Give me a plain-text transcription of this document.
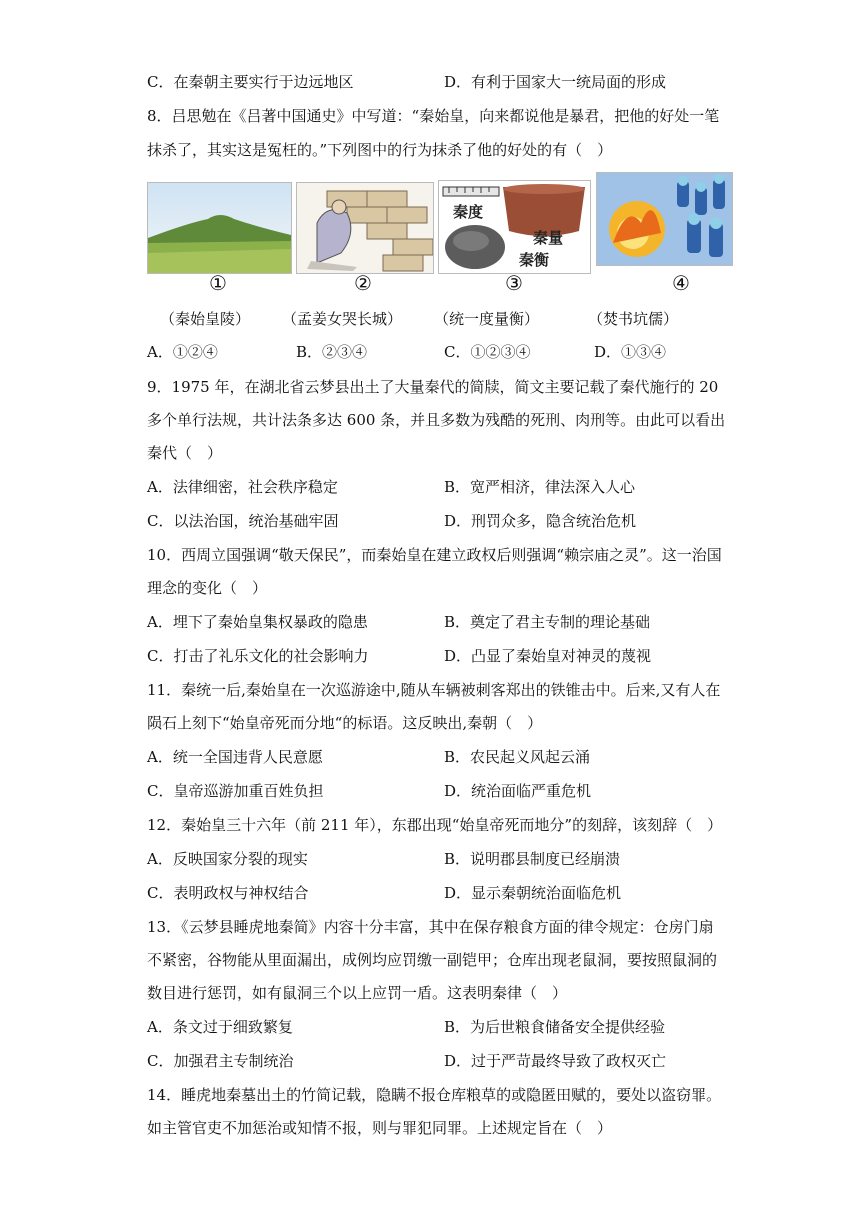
C．在秦朝主要实行于边远地区	D．有利于国家大一统局面的形成
8．吕思勉在《吕著中国通史》中写道：“秦始皇，向来都说他是暴君，把他的好处一笔
抹杀了，其实这是冤枉的。”下列图中的行为抹杀了他的好处的有（　）
秦度
秦量
秦衡
①	②	③	④
（秦始皇陵） （孟姜女哭长城） （统一度量衡）	（焚书坑儒）
A．①②④	B．②③④	C．①②③④	D．①③④
9．1975 年，在湖北省云梦县出土了大量秦代的简牍，简文主要记载了秦代施行的 20
多个单行法规，共计法条多达 600 条，并且多数为残酷的死刑、肉刑等。由此可以看出
秦代（　）
A．法律细密，社会秩序稳定	B．宽严相济，律法深入人心
C．以法治国，统治基础牢固	D．刑罚众多，隐含统治危机
10．西周立国强调“敬天保民”，而秦始皇在建立政权后则强调“赖宗庙之灵”。这一治国
理念的变化（　）
A．埋下了秦始皇集权暴政的隐患	B．奠定了君主专制的理论基础
C．打击了礼乐文化的社会影响力	D．凸显了秦始皇对神灵的蔑视
11．秦统一后,秦始皇在一次巡游途中,随从车辆被刺客郑出的铁锥击中。后来,又有人在
陨石上刻下“始皇帝死而分地“的标语。这反映出,秦朝（　）
A．统一全国违背人民意愿	B．农民起义风起云涌
C．皇帝巡游加重百姓负担	D．统治面临严重危机
12．秦始皇三十六年（前 211 年），东郡出现“始皇帝死而地分”的刻辞，该刻辞（　）
A．反映国家分裂的现实	B．说明郡县制度已经崩溃
C．表明政权与神权结合	D．显示秦朝统治面临危机
13．《云梦县睡虎地秦简》内容十分丰富，其中在保存粮食方面的律令规定：仓房门扇
不紧密，谷物能从里面漏出，成例均应罚缴一副铠甲；仓库出现老鼠洞，要按照鼠洞的
数目进行惩罚，如有鼠洞三个以上应罚一盾。这表明秦律（　）
A．条文过于细致繁复	B．为后世粮食储备安全提供经验
C．加强君主专制统治	D．过于严苛最终导致了政权灭亡
14．睡虎地秦墓出土的竹简记载，隐瞒不报仓库粮草的或隐匿田赋的，要处以盗窃罪。
如主管官吏不加惩治或知情不报，则与罪犯同罪。上述规定旨在（　）
